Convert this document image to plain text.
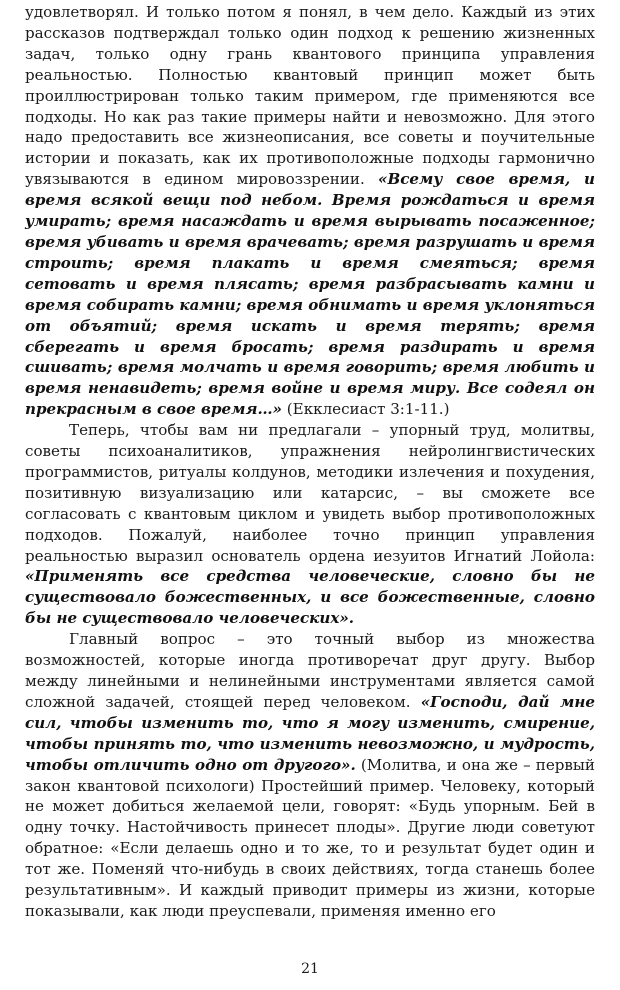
удовлетворял. И только потом я понял, в чем дело. Каждый из этих рассказов подтверждал только один подход к решению жизненных задач, только одну грань квантового принципа управления реальностью. Полностью квантовый принцип может быть проиллюстрирован только таким примером, где применяются все подходы. Но как раз такие примеры найти и невозможно. Для этого надо предоставить все жизнеописания, все советы и поучительные истории и показать, как их противоположные подходы гармонично увязываются в едином мировоззрении. «Всему свое время, и время всякой вещи под небом. Время рождаться и время умирать; время насаждать и время вырывать посаженное; время убивать и время врачевать; время разрушать и время строить; время плакать и время смеяться; время сетовать и время плясать; время разбрасывать камни и время собирать камни; время обнимать и время уклоняться от объятий; время искать и время терять; время сберегать и время бросать; время раздирать и время сшивать; время молчать и время говорить; время любить и время ненавидеть; время войне и время миру. Все содеял он прекрасным в свое время…» (Екклесиаст 3:1-11.)

Теперь, чтобы вам ни предлагали – упорный труд, молитвы, советы психоаналитиков, упражнения нейролингвистических программистов, ритуалы колдунов, методики излечения и похудения, позитивную визуализацию или катарсис, – вы сможете все согласовать с квантовым циклом и увидеть выбор противоположных подходов. Пожалуй, наиболее точно принцип управления реальностью выразил основатель ордена иезуитов Игнатий Лойола: «Применять все средства человеческие, словно бы не существовало божественных, и все божественные, словно бы не существовало человеческих».

Главный вопрос – это точный выбор из множества возможностей, которые иногда противоречат друг другу. Выбор между линейными и нелинейными инструментами является самой сложной задачей, стоящей перед человеком. «Господи, дай мне сил, чтобы изменить то, что я могу изменить, смирение, чтобы принять то, что изменить невозможно, и мудрость, чтобы отличить одно от другого». (Молитва, и она же – первый закон квантовой психологи) Простейший пример. Человеку, который не может добиться желаемой цели, говорят: «Будь упорным. Бей в одну точку. Настойчивость принесет плоды». Другие люди советуют обратное: «Если делаешь одно и то же, то и результат будет один и тот же. Поменяй что-нибудь в своих действиях, тогда станешь более результативным». И каждый приводит примеры из жизни, которые показывали, как люди преуспевали, применяя именно его

21
